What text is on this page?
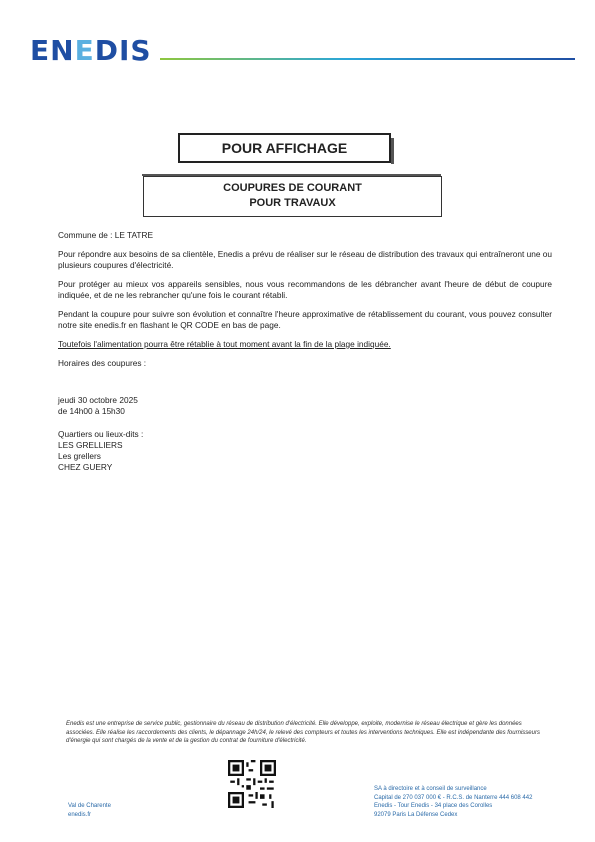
ENEDIS
POUR AFFICHAGE
COUPURES DE COURANT
POUR TRAVAUX

Commune de : LE TATRE

Pour répondre aux besoins de sa clientèle, Enedis a prévu de réaliser sur le réseau de distribution des travaux qui entraîneront une ou plusieurs coupures d'électricité.

Pour protéger au mieux vos appareils sensibles, nous vous recommandons de les débrancher avant l'heure de début de coupure indiquée, et de ne les rebrancher qu'une fois le courant rétabli.

Pendant la coupure pour suivre son évolution et connaître l'heure approximative de rétablissement du courant, vous pouvez consulter notre site enedis.fr en flashant le QR CODE en bas de page.

Toutefois l'alimentation pourra être rétablie à tout moment avant la fin de la plage indiquée.

Horaires des coupures :

jeudi 30 octobre 2025

de 14h00 à 15h30

Quartiers ou lieux-dits :

LES GRELLIERS

Les grellers

CHEZ GUERY

Enedis est une entreprise de service public, gestionnaire du réseau de distribution d'électricité. Elle développe, exploite, modernise le réseau électrique et gère les données associées. Elle réalise les raccordements des clients, le dépannage 24h/24, le relevé des compteurs et toutes les interventions techniques. Elle est indépendante des fournisseurs d'énergie qui sont chargés de la vente et de la gestion du contrat de fourniture d'électricité.
Val de Charente
enedis.fr
SA à directoire et à conseil de surveillance
Capital de 270 037 000 € - R.C.S. de Nanterre 444 608 442
Enedis - Tour Enedis - 34 place des Corolles
92079 Paris La Défense Cedex
